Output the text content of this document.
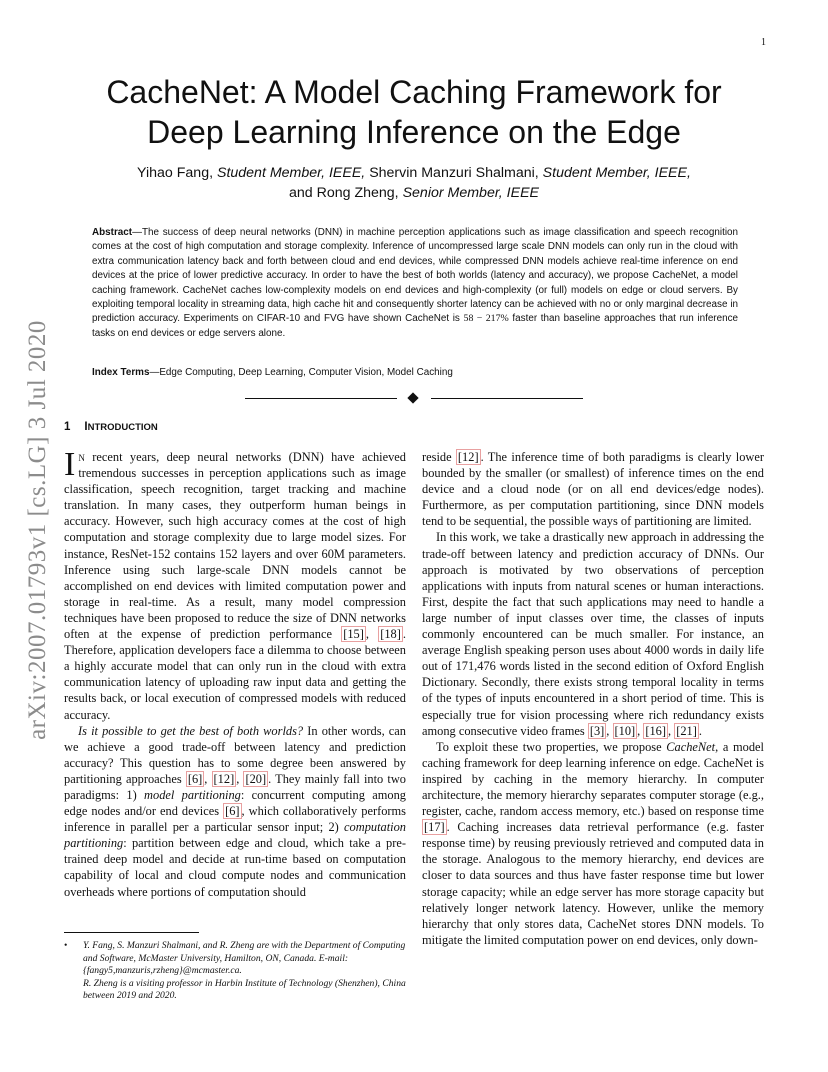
1
arXiv:2007.01793v1 [cs.LG] 3 Jul 2020
CacheNet: A Model Caching Framework for
Deep Learning Inference on the Edge
Yihao Fang, Student Member, IEEE, Shervin Manzuri Shalmani, Student Member, IEEE,
and Rong Zheng, Senior Member, IEEE
Abstract—The success of deep neural networks (DNN) in machine perception applications such as image classification and speech recognition comes at the cost of high computation and storage complexity. Inference of uncompressed large scale DNN models can only run in the cloud with extra communication latency back and forth between cloud and end devices, while compressed DNN models achieve real-time inference on end devices at the price of lower predictive accuracy. In order to have the best of both worlds (latency and accuracy), we propose CacheNet, a model caching framework. CacheNet caches low-complexity models on end devices and high-complexity (or full) models on edge or cloud servers. By exploiting temporal locality in streaming data, high cache hit and consequently shorter latency can be achieved with no or only marginal decrease in prediction accuracy. Experiments on CIFAR-10 and FVG have shown CacheNet is 58 − 217% faster than baseline approaches that run inference tasks on end devices or edge servers alone.
Index Terms—Edge Computing, Deep Learning, Computer Vision, Model Caching
1 INTRODUCTION

In recent years, deep neural networks (DNN) have achieved tremendous successes in perception applications such as image classification, speech recognition, target tracking and machine translation. In many cases, they outperform human beings in accuracy. However, such high accuracy comes at the cost of high computation and storage complexity due to large model sizes. For instance, ResNet-152 contains 152 layers and over 60M parameters. Inference using such large-scale DNN models cannot be accomplished on end devices with limited computation power and storage in real-time. As a result, many model compression techniques have been proposed to reduce the size of DNN networks often at the expense of prediction performance [15] , [18] . Therefore, application developers face a dilemma to choose between a highly accurate model that can only run in the cloud with extra communication latency of uploading raw input data and getting the results back, or local execution of compressed models with reduced accuracy.

Is it possible to get the best of both worlds? In other words, can we achieve a good trade-off between latency and prediction accuracy? This question has to some degree been answered by partitioning approaches [6] , [12] , [20] . They mainly fall into two paradigms: 1) model partitioning: concurrent computing among edge nodes and/or end devices [6] , which collaboratively performs inference in parallel per a particular sensor input; 2) computation partitioning: partition between edge and cloud, which take a pre-trained deep model and decide at run-time based on computation capability of local and cloud compute nodes and communication overheads where portions of computation should

reside [12] . The inference time of both paradigms is clearly lower bounded by the smaller (or smallest) of inference times on the end device and a cloud node (or on all end devices/edge nodes). Furthermore, as per computation partitioning, since DNN models tend to be sequential, the possible ways of partitioning are limited.

In this work, we take a drastically new approach in addressing the trade-off between latency and prediction accuracy of DNNs. Our approach is motivated by two observations of perception applications with inputs from natural scenes or human interactions. First, despite the fact that such applications may need to handle a large number of input classes over time, the classes of inputs commonly encountered can be much smaller. For instance, an average English speaking person uses about 4000 words in daily life out of 171,476 words listed in the second edition of Oxford English Dictionary. Secondly, there exists strong temporal locality in terms of the types of inputs encountered in a short period of time. This is especially true for vision processing where rich redundancy exists among consecutive video frames [3] , [10] , [16] , [21] .

To exploit these two properties, we propose CacheNet, a model caching framework for deep learning inference on edge. CacheNet is inspired by caching in the memory hierarchy. In computer architecture, the memory hierarchy separates computer storage (e.g., register, cache, random access memory, etc.) based on response time [17] . Caching increases data retrieval performance (e.g. faster response time) by reusing previously retrieved and computed data in the storage. Analogous to the memory hierarchy, end devices are closer to data sources and thus have faster response time but lower storage capacity; while an edge server has more storage capacity but relatively longer network latency. However, unlike the memory hierarchy that only stores data, CacheNet stores DNN models. To mitigate the limited computation power on end devices, only down-

• Y. Fang, S. Manzuri Shalmani, and R. Zheng are with the Department of Computing and Software, McMaster University, Hamilton, ON, Canada. E-mail: {fangy5,manzuris,rzheng}@mcmaster.ca.
R. Zheng is a visiting professor in Harbin Institute of Technology (Shenzhen), China between 2019 and 2020.
